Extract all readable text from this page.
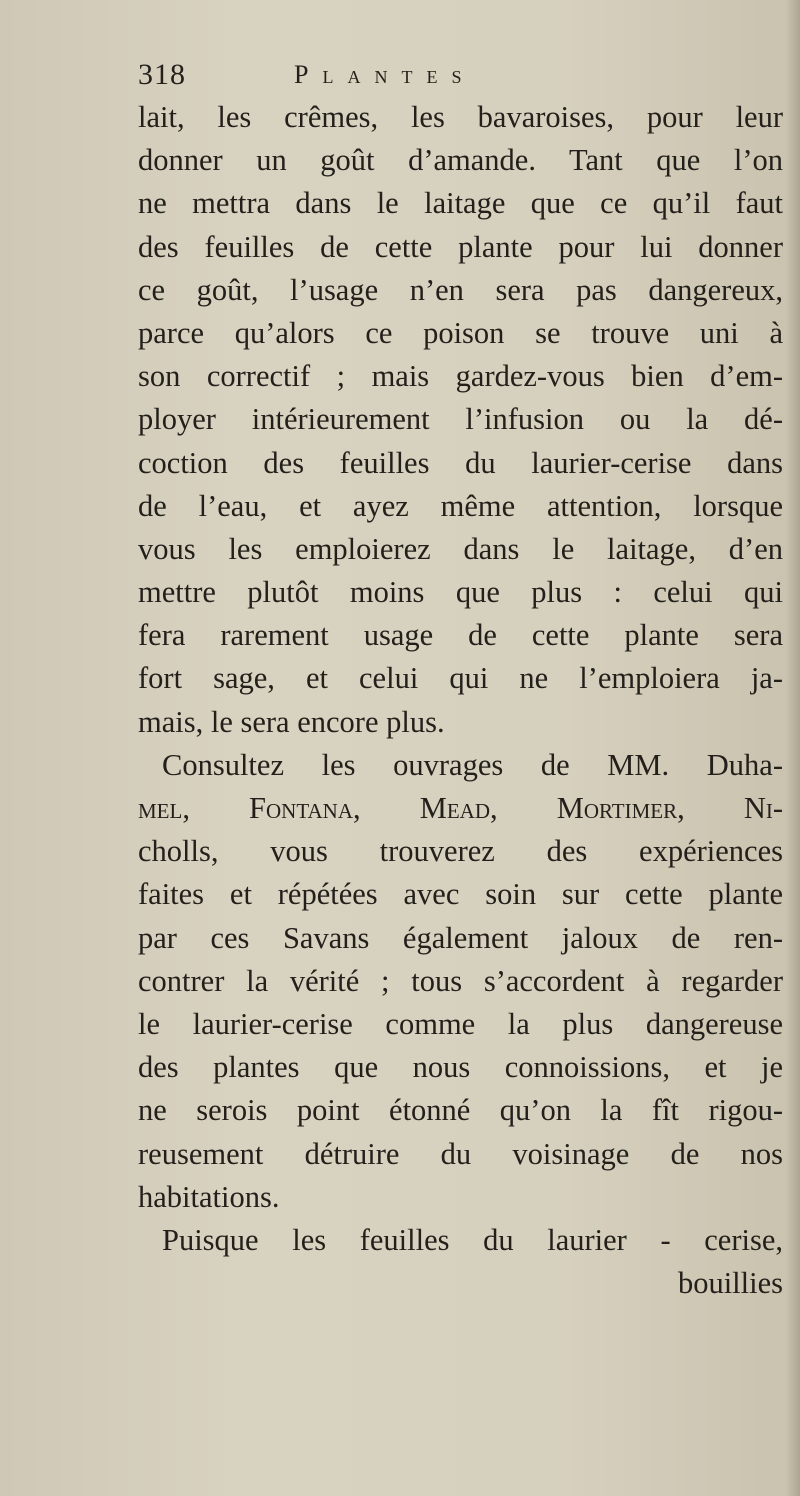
318	Plantes
lait, les crêmes, les bavaroises, pour leur
donner un goût d’amande. Tant que l’on
ne mettra dans le laitage que ce qu’il faut
des feuilles de cette plante pour lui donner
ce goût, l’usage n’en sera pas dangereux,
parce qu’alors ce poison se trouve uni à
son correctif ; mais gardez-vous bien d’em-
ployer intérieurement l’infusion ou la dé-
coction des feuilles du laurier-cerise dans
de l’eau, et ayez même attention, lorsque
vous les emploierez dans le laitage, d’en
mettre plutôt moins que plus : celui qui
fera rarement usage de cette plante sera
fort sage, et celui qui ne l’emploiera ja-
mais, le sera encore plus.
Consultez les ouvrages de MM. Duha-
mel, Fontana, Mead, Mortimer, Ni-
cholls, vous trouverez des expériences
faites et répétées avec soin sur cette plante
par ces Savans également jaloux de ren-
contrer la vérité ; tous s’accordent à regarder
le laurier-cerise comme la plus dangereuse
des plantes que nous connoissions, et je
ne serois point étonné qu’on la fît rigou-
reusement détruire du voisinage de nos
habitations.
Puisque les feuilles du laurier - cerise,
bouillies
